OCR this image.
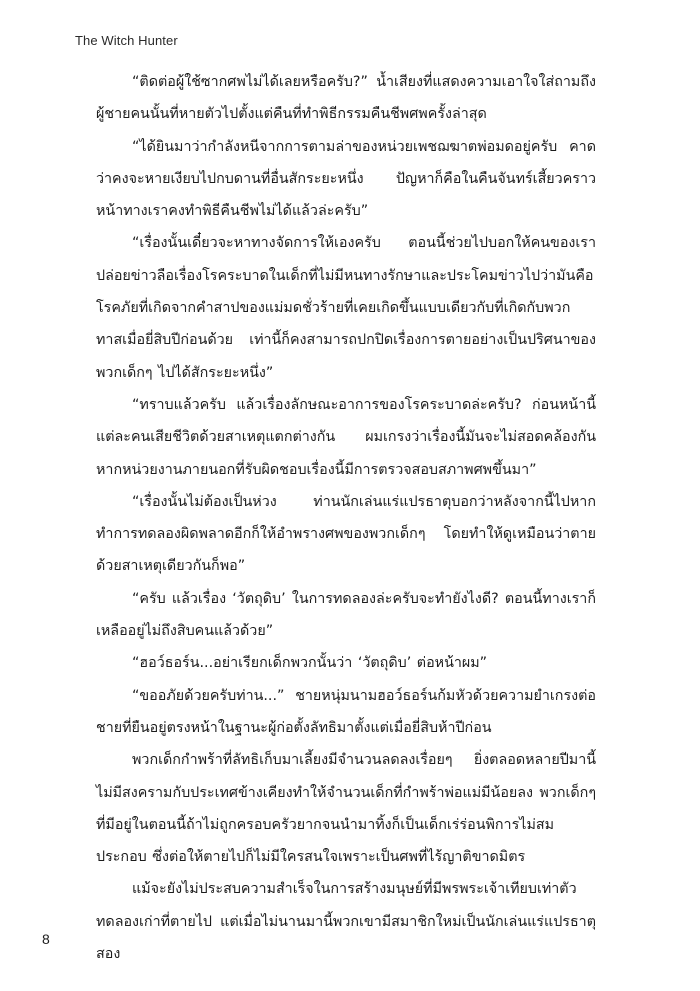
The Witch Hunter

“ติดต่อผู้ใช้ซากศพไม่ได้เลยหรือครับ?” น้ำเสียงที่แสดงความเอาใจใส่ถามถึงผู้ชายคนนั้นที่หายตัวไปตั้งแต่คืนที่ทำพิธีกรรมคืนชีพศพครั้งล่าสุด

“ได้ยินมาว่ากำลังหนีจากการตามล่าของหน่วยเพชฌฆาตพ่อมดอยู่ครับ คาดว่าคงจะหายเงียบไปกบดานที่อื่นสักระยะหนึ่ง ปัญหาก็คือในคืนจันทร์เสี้ยวคราวหน้าทางเราคงทำพิธีคืนชีพไม่ได้แล้วล่ะครับ”

“เรื่องนั้นเดี๋ยวจะหาทางจัดการให้เองครับ ตอนนี้ช่วยไปบอกให้คนของเราปล่อยข่าวลือเรื่องโรคระบาดในเด็กที่ไม่มีหนทางรักษาและประโคมข่าวไปว่ามันคือโรคภัยที่เกิดจากคำสาปของแม่มดชั่วร้ายที่เคยเกิดขึ้นแบบเดียวกับที่เกิดกับพวกทาสเมื่อยี่สิบปีก่อนด้วย เท่านี้ก็คงสามารถปกปิดเรื่องการตายอย่างเป็นปริศนาของพวกเด็กๆ ไปได้สักระยะหนึ่ง”

“ทราบแล้วครับ แล้วเรื่องลักษณะอาการของโรคระบาดล่ะครับ? ก่อนหน้านี้แต่ละคนเสียชีวิตด้วยสาเหตุแตกต่างกัน ผมเกรงว่าเรื่องนี้มันจะไม่สอดคล้องกันหากหน่วยงานภายนอกที่รับผิดชอบเรื่องนี้มีการตรวจสอบสภาพศพขึ้นมา”

“เรื่องนั้นไม่ต้องเป็นห่วง ท่านนักเล่นแร่แปรธาตุบอกว่าหลังจากนี้ไปหากทำการทดลองผิดพลาดอีกก็ให้อำพรางศพของพวกเด็กๆ โดยทำให้ดูเหมือนว่าตายด้วยสาเหตุเดียวกันก็พอ”

“ครับ แล้วเรื่อง ‘วัตถุดิบ’ ในการทดลองล่ะครับจะทำยังไงดี? ตอนนี้ทางเราก็เหลืออยู่ไม่ถึงสิบคนแล้วด้วย”

“ฮอว์ธอร์น...อย่าเรียกเด็กพวกนั้นว่า ‘วัตถุดิบ’ ต่อหน้าผม”

“ขออภัยด้วยครับท่าน...” ชายหนุ่มนามฮอว์ธอร์นก้มหัวด้วยความยำเกรงต่อชายที่ยืนอยู่ตรงหน้าในฐานะผู้ก่อตั้งลัทธิมาตั้งแต่เมื่อยี่สิบห้าปีก่อน

พวกเด็กกำพร้าที่ลัทธิเก็บมาเลี้ยงมีจำนวนลดลงเรื่อยๆ ยิ่งตลอดหลายปีมานี้ไม่มีสงครามกับประเทศข้างเคียงทำให้จำนวนเด็กที่กำพร้าพ่อแม่มีน้อยลง พวกเด็กๆ ที่มีอยู่ในตอนนี้ถ้าไม่ถูกครอบครัวยากจนนำมาทิ้งก็เป็นเด็กเร่ร่อนพิการไม่สมประกอบ ซึ่งต่อให้ตายไปก็ไม่มีใครสนใจเพราะเป็นศพที่ไร้ญาติขาดมิตร

แม้จะยังไม่ประสบความสำเร็จในการสร้างมนุษย์ที่มีพรพระเจ้าเทียบเท่าตัวทดลองเก่าที่ตายไป แต่เมื่อไม่นานมานี้พวกเขามีสมาชิกใหม่เป็นนักเล่นแร่แปรธาตุสอง

8
